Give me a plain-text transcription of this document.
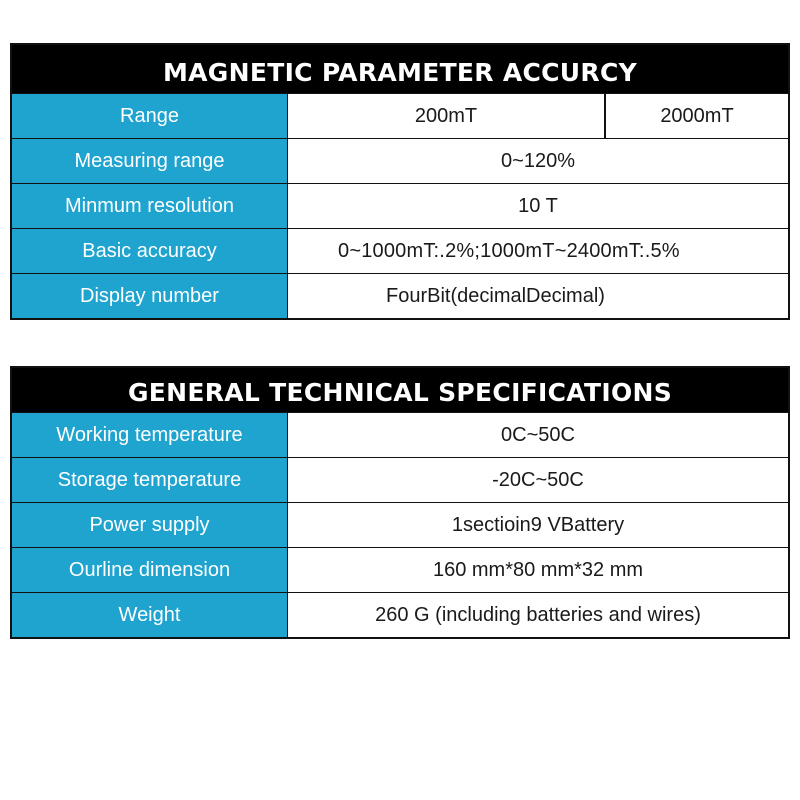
MAGNETIC PARAMETER ACCURCY
Range	200mT	2000mT
Measuring range	0~120%
Minmum resolution	10 T
Basic accuracy	0~1000mT:.2%;1000mT~2400mT:.5%
Display number	FourBit(decimalDecimal)
GENERAL TECHNICAL SPECIFICATIONS
Working temperature	0C~50C
Storage temperature	-20C~50C
Power supply	1sectioin9 VBattery
Ourline dimension	160 mm*80 mm*32 mm
Weight	260 G (including batteries and wires)
